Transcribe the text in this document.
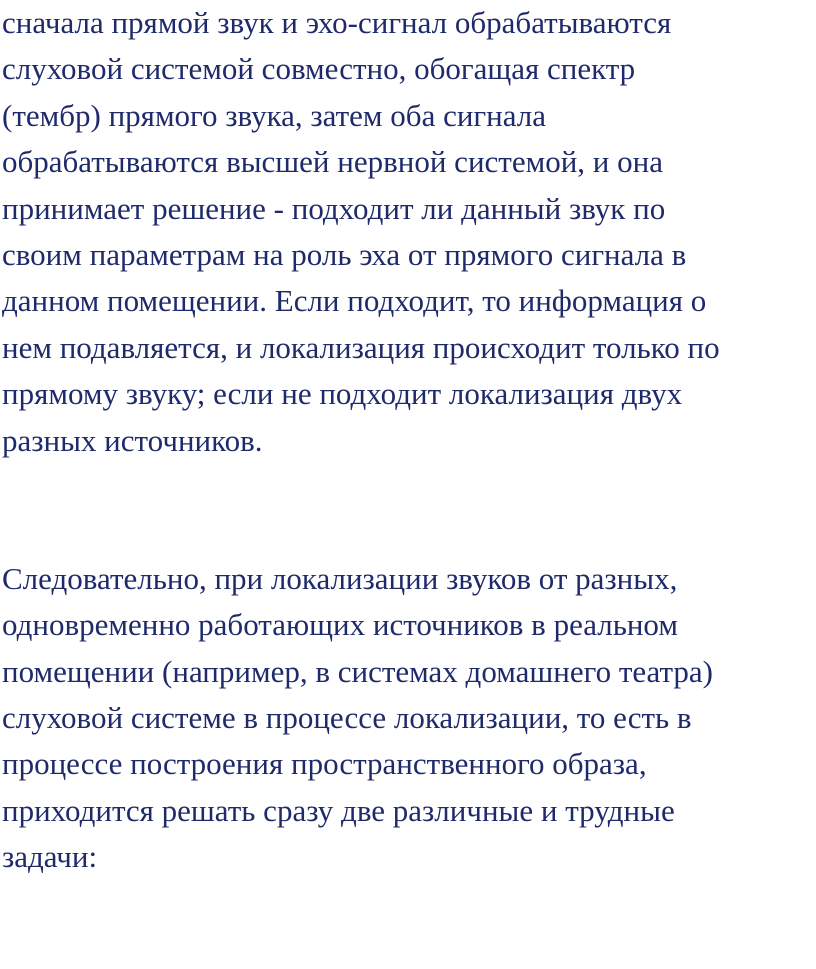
сначала прямой звук и эхо-сигнал обрабатываются
слуховой системой совместно, обогащая спектр
(тембр) прямого звука, затем оба сигнала
обрабатываются высшей нервной системой, и она
принимает решение - подходит ли данный звук по
своим параметрам на роль эха от прямого сигнала в
данном помещении. Если подходит, то информация о
нем подавляется, и локализация происходит только по
прямому звуку; если не подходит локализация двух
разных источников.
Следовательно, при локализации звуков от разных,
одновременно работающих источников в реальном
помещении (например, в системах домашнего театра)
слуховой системе в процессе локализации, то есть в
процессе построения пространственного образа,
приходится решать сразу две различные и трудные
задачи:
